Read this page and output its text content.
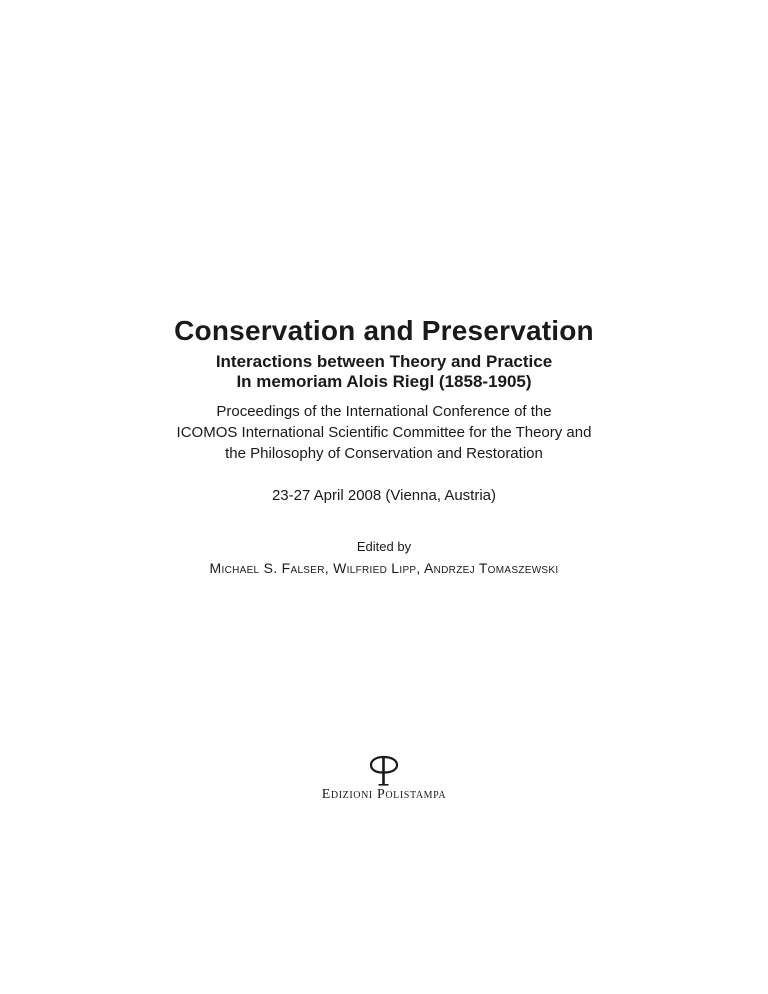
Conservation and Preservation
Interactions between Theory and Practice
In memoriam Alois Riegl (1858-1905)
Proceedings of the International Conference of the
ICOMOS International Scientific Committee for the Theory and
the Philosophy of Conservation and Restoration
23-27 April 2008 (Vienna, Austria)
Edited by
Michael S. Falser, Wilfried Lipp, Andrzej Tomaszewski
Edizioni Polistampa
